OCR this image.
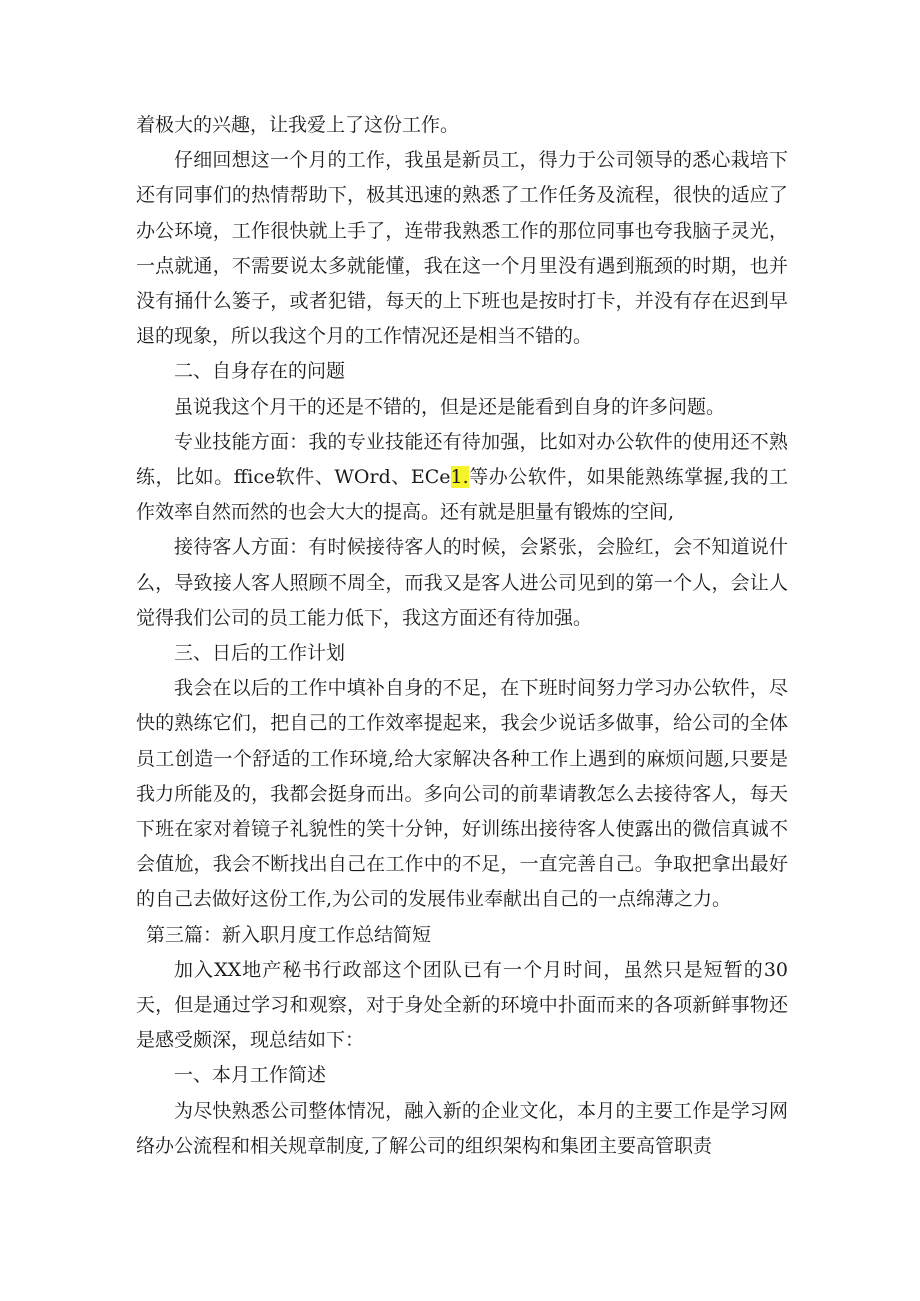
着极大的兴趣，让我爱上了这份工作。

仔细回想这一个月的工作，我虽是新员工，得力于公司领导的悉心栽培下还有同事们的热情帮助下，极其迅速的熟悉了工作任务及流程，很快的适应了办公环境，工作很快就上手了，连带我熟悉工作的那位同事也夸我脑子灵光，一点就通，不需要说太多就能懂，我在这一个月里没有遇到瓶颈的时期，也并没有捅什么篓子，或者犯错，每天的上下班也是按时打卡，并没有存在迟到早退的现象，所以我这个月的工作情况还是相当不错的。

二、自身存在的问题

虽说我这个月干的还是不错的，但是还是能看到自身的许多问题。

专业技能方面：我的专业技能还有待加强，比如对办公软件的使用还不熟练，比如。ffice软件、WOrd、ECe1.等办公软件，如果能熟练掌握,我的工作效率自然而然的也会大大的提高。还有就是胆量有锻炼的空间,

接待客人方面：有时候接待客人的时候，会紧张，会脸红，会不知道说什么，导致接人客人照顾不周全，而我又是客人进公司见到的第一个人，会让人觉得我们公司的员工能力低下，我这方面还有待加强。

三、日后的工作计划

我会在以后的工作中填补自身的不足，在下班时间努力学习办公软件，尽快的熟练它们，把自己的工作效率提起来，我会少说话多做事，给公司的全体员工创造一个舒适的工作环境,给大家解决各种工作上遇到的麻烦问题,只要是我力所能及的，我都会挺身而出。多向公司的前辈请教怎么去接待客人，每天下班在家对着镜子礼貌性的笑十分钟，好训练出接待客人使露出的微信真诚不会值尬，我会不断找出自己在工作中的不足，一直完善自己。争取把拿出最好的自己去做好这份工作,为公司的发展伟业奉献出自己的一点绵薄之力。

第三篇：新入职月度工作总结简短

加入XX地产秘书行政部这个团队已有一个月时间，虽然只是短暂的30天，但是通过学习和观察，对于身处全新的环境中扑面而来的各项新鲜事物还是感受颇深，现总结如下：

一、本月工作简述

为尽快熟悉公司整体情况，融入新的企业文化，本月的主要工作是学习网络办公流程和相关规章制度,了解公司的组织架构和集团主要高管职责
